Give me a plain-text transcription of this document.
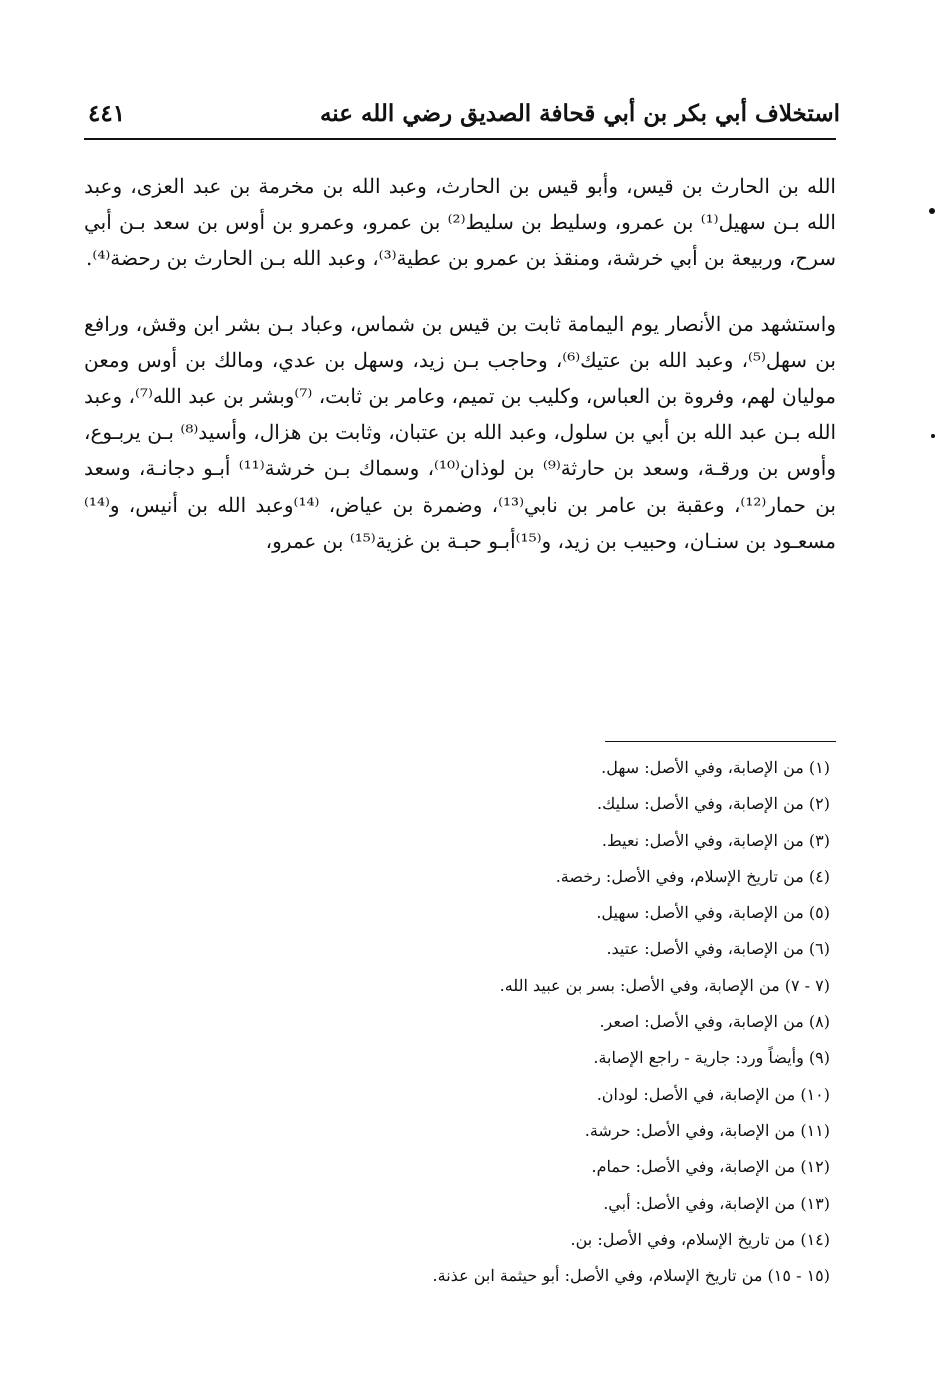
استخلاف أبي بكر بن أبي قحافة الصديق رضي الله عنه
٤٤١

الله بن الحارث بن قيس، وأبو قيس بن الحارث، وعبد الله بن مخرمة بن عبد العزى، وعبد الله بـن سهيل⁽¹⁾ بن عمرو، وسليط بن سليط⁽²⁾ بن عمرو، وعمرو بن أوس بن سعد بـن أبي سرح، وربيعة بن أبي خرشة، ومنقذ بن عمرو بن عطية⁽³⁾، وعبد الله بـن الحارث بن رحضة⁽⁴⁾.

واستشهد من الأنصار يوم اليمامة ثابت بن قيس بن شماس، وعباد بـن بشر ابن وقش، ورافع بن سهل⁽⁵⁾، وعبد الله بن عتيك⁽⁶⁾، وحاجب بـن زيد، وسهل بن عدي، ومالك بن أوس ومعن موليان لهم، وفروة بن العباس، وكليب بن تميم، وعامر بن ثابت، ⁽⁷⁾وبشر بن عبد الله⁽⁷⁾، وعبد الله بـن عبد الله بن أبي بن سلول، وعبد الله بن عتبان، وثابت بن هزال، وأسيد⁽⁸⁾ بـن يربـوع، وأوس بن ورقـة، وسعد بن حارثة⁽⁹⁾ بن لوذان⁽¹⁰⁾، وسماك بـن خرشة⁽¹¹⁾ أبـو دجانـة، وسعد بن حمار⁽¹²⁾، وعقبة بن عامر بن نابي⁽¹³⁾، وضمرة بن عياض، ⁽¹⁴⁾وعبد الله بن أنيس، و⁽¹⁴⁾مسعـود بن سنـان، وحبيب بن زيد، و⁽¹⁵⁾أبـو حبـة بن غزية⁽¹⁵⁾ بن عمرو،

(١) من الإصابة، وفي الأصل: سهل.
(٢) من الإصابة، وفي الأصل: سليك.
(٣) من الإصابة، وفي الأصل: نعيط.
(٤) من تاريخ الإسلام، وفي الأصل: رخصة.
(٥) من الإصابة، وفي الأصل: سهيل.
(٦) من الإصابة، وفي الأصل: عتيد.
(٧ - ٧) من الإصابة، وفي الأصل: بسر بن عبيد الله.
(٨) من الإصابة، وفي الأصل: اصعر.
(٩) وأيضاً ورد: جارية - راجع الإصابة.
(١٠) من الإصابة، في الأصل: لودان.
(١١) من الإصابة، وفي الأصل: حرشة.
(١٢) من الإصابة، وفي الأصل: حمام.
(١٣) من الإصابة، وفي الأصل: أبي.
(١٤) من تاريخ الإسلام، وفي الأصل: بن.
(١٥ - ١٥) من تاريخ الإسلام، وفي الأصل: أبو حيثمة ابن عذنة.
